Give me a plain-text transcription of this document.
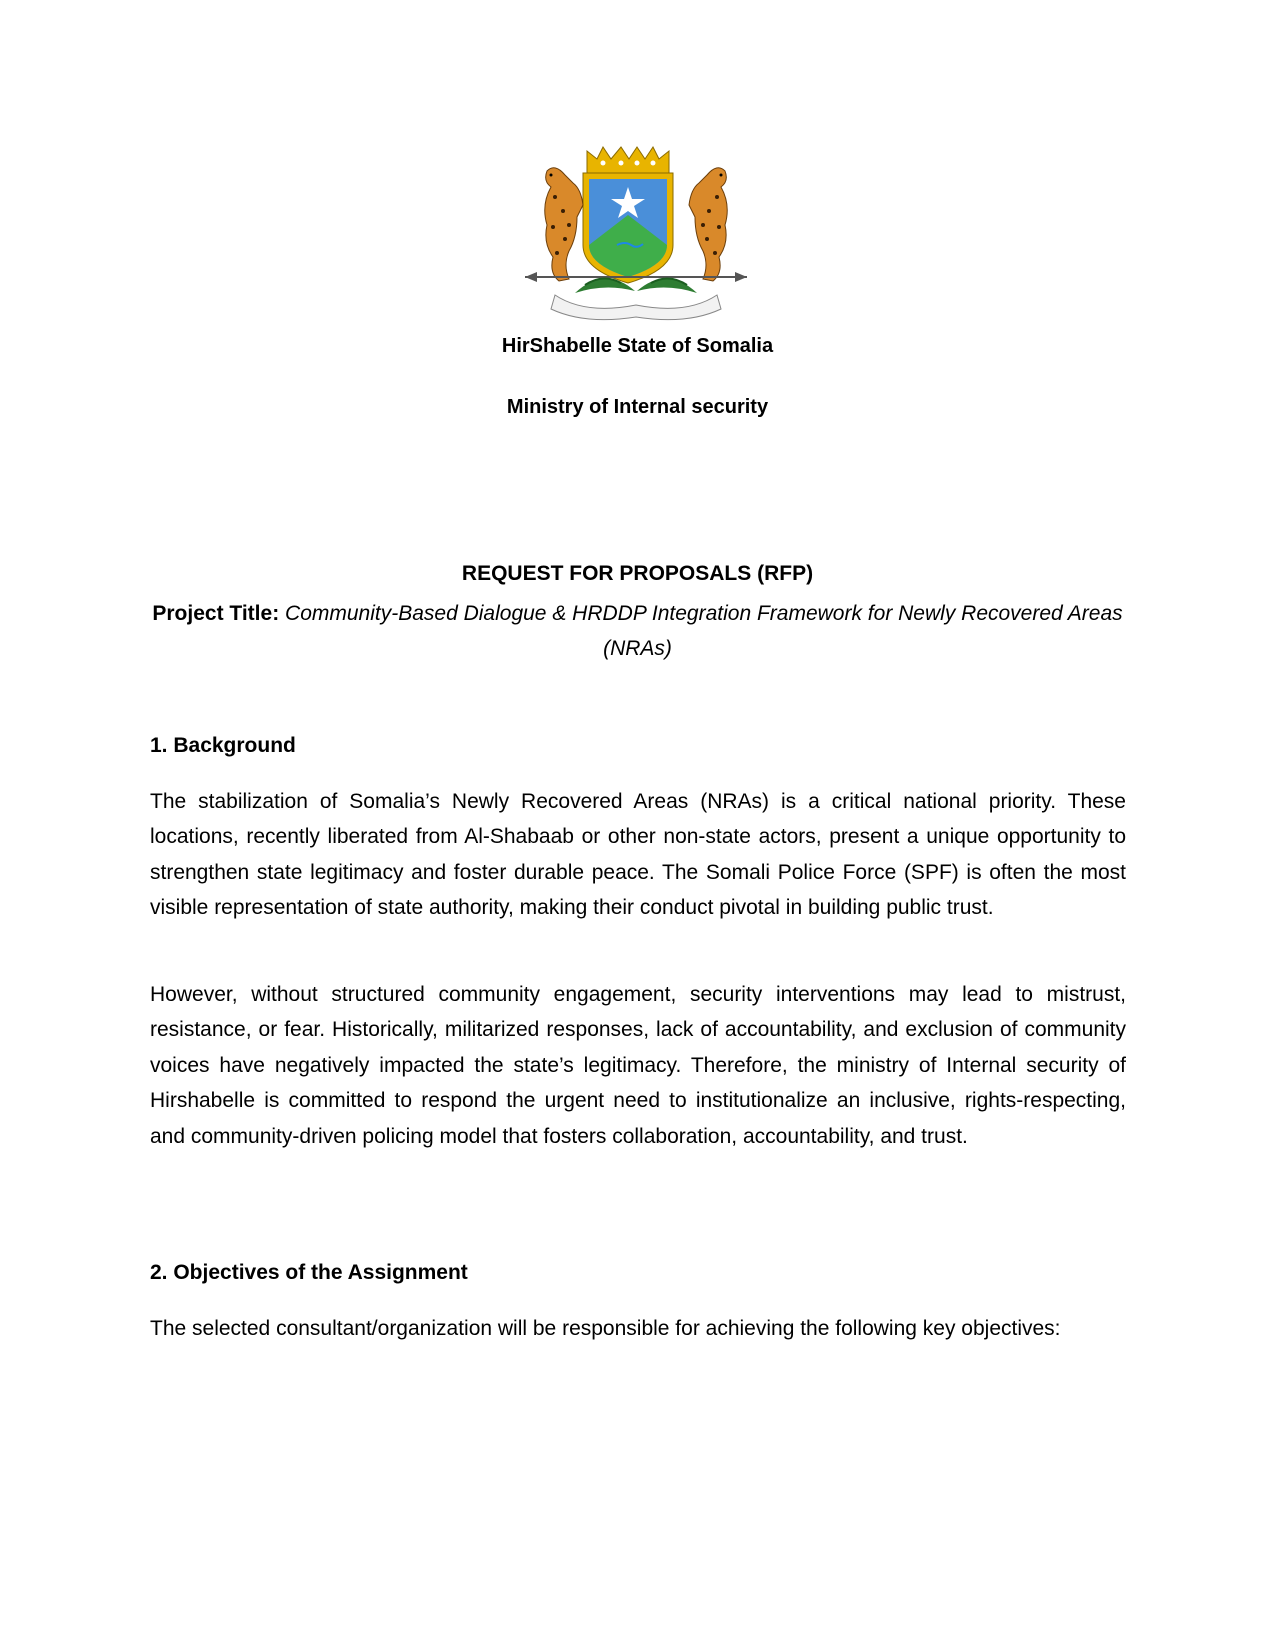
HirShabelle State of Somalia
Ministry of Internal security
REQUEST FOR PROPOSALS (RFP)
Project Title: Community-Based Dialogue & HRDDP Integration Framework for Newly Recovered Areas (NRAs)
1. Background

The stabilization of Somalia’s Newly Recovered Areas (NRAs) is a critical national priority. These locations, recently liberated from Al-Shabaab or other non-state actors, present a unique opportunity to strengthen state legitimacy and foster durable peace. The Somali Police Force (SPF) is often the most visible representation of state authority, making their conduct pivotal in building public trust.

However, without structured community engagement, security interventions may lead to mistrust, resistance, or fear. Historically, militarized responses, lack of accountability, and exclusion of community voices have negatively impacted the state’s legitimacy. Therefore, the ministry of Internal security of Hirshabelle is committed to respond the urgent need to institutionalize an inclusive, rights-respecting, and community-driven policing model that fosters collaboration, accountability, and trust.

2. Objectives of the Assignment

The selected consultant/organization will be responsible for achieving the following key objectives:
